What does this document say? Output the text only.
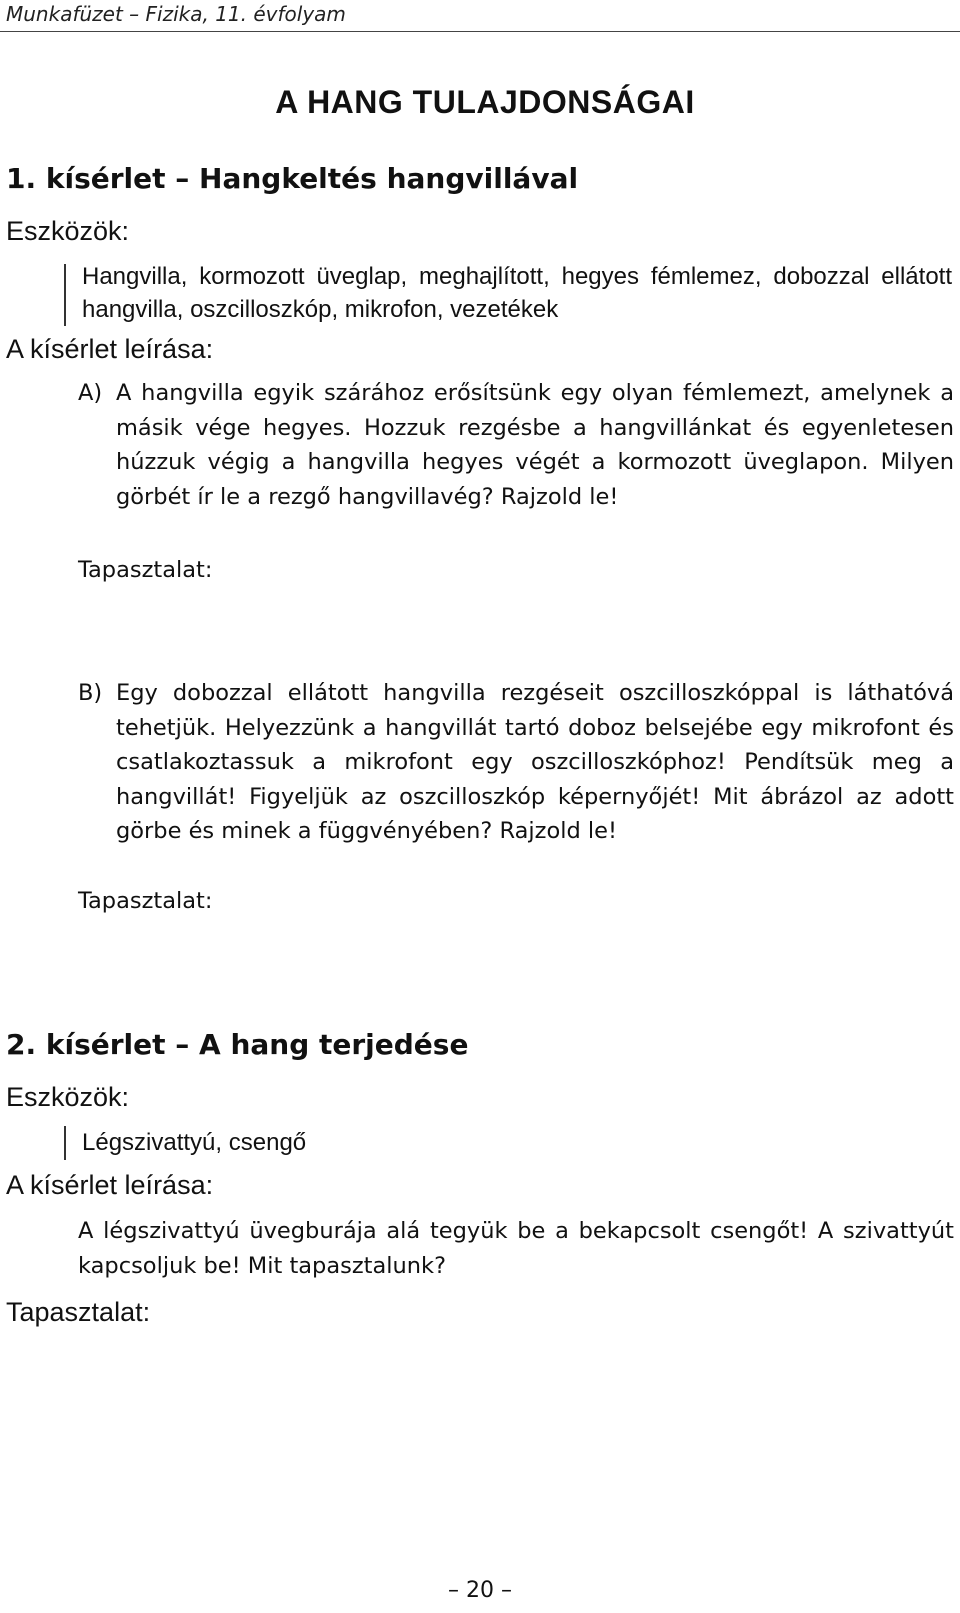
Munkafüzet – Fizika, 11. évfolyam
A HANG TULAJDONSÁGAI
1. kísérlet – Hangkeltés hangvillával
Eszközök:
Hangvilla, kormozott üveglap, meghajlított, hegyes fémlemez, dobozzal ellátott hangvilla, oszcilloszkóp, mikrofon, vezetékek
A kísérlet leírása:
A) A hangvilla egyik szárához erősítsünk egy olyan fémlemezt, amelynek a másik vége hegyes. Hozzuk rezgésbe a hangvillánkat és egyenletesen húzzuk végig a hangvilla hegyes végét a kormozott üveglapon. Milyen görbét ír le a rezgő hangvillavég? Rajzold le!
Tapasztalat:
B) Egy dobozzal ellátott hangvilla rezgéseit oszcilloszkóppal is láthatóvá tehetjük. Helyezzünk a hangvillát tartó doboz belsejébe egy mikrofont és csatlakoztassuk a mikrofont egy oszcilloszkóphoz! Pendítsük meg a hangvillát! Figyeljük az oszcilloszkóp képernyőjét! Mit ábrázol az adott görbe és minek a függvényében? Rajzold le!
Tapasztalat:
2. kísérlet – A hang terjedése
Eszközök:
Légszivattyú, csengő
A kísérlet leírása:
A légszivattyú üvegburája alá tegyük be a bekapcsolt csengőt! A szivattyút kapcsoljuk be! Mit tapasztalunk?
Tapasztalat:
– 20 –
